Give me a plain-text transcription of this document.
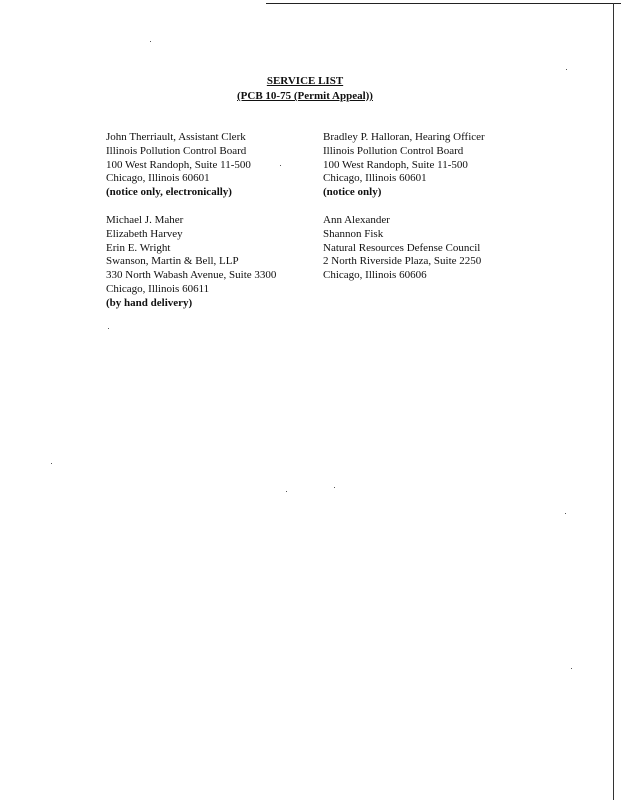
SERVICE LIST
(PCB 10-75 (Permit Appeal))
John Therriault, Assistant Clerk
Illinois Pollution Control Board
100 West Randoph, Suite 11-500
Chicago, Illinois 60601
(notice only, electronically)
Bradley P. Halloran, Hearing Officer
Illinois Pollution Control Board
100 West Randoph, Suite 11-500
Chicago, Illinois 60601
(notice only)
Michael J. Maher
Elizabeth Harvey
Erin E. Wright
Swanson, Martin & Bell, LLP
330 North Wabash Avenue, Suite 3300
Chicago, Illinois 60611
(by hand delivery)
Ann Alexander
Shannon Fisk
Natural Resources Defense Council
2 North Riverside Plaza, Suite 2250
Chicago, Illinois 60606
